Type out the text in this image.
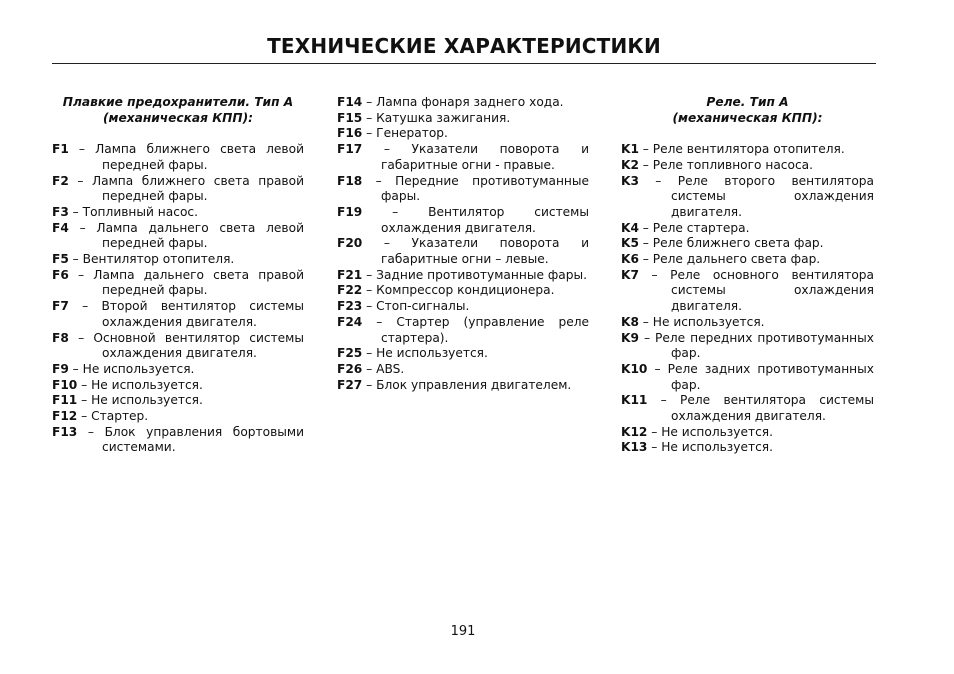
ТЕХНИЧЕСКИЕ ХАРАКТЕРИСТИКИ
Плавкие предохранители. Тип А
(механическая КПП):

F1 – Лампа ближнего света левой передней фары.

F2 – Лампа ближнего света правой передней фары.

F3 – Топливный насос.

F4 – Лампа дальнего света левой передней фары.

F5 – Вентилятор отопителя.

F6 – Лампа дальнего света правой передней фары.

F7 – Второй вентилятор системы охлаждения двигателя.

F8 – Основной вентилятор системы охлаждения двигателя.

F9 – Не используется.

F10 – Не используется.

F11 – Не используется.

F12 – Стартер.

F13 – Блок управления бортовыми системами.

F14 – Лампа фонаря заднего хода.

F15 – Катушка зажигания.

F16 – Генератор.

F17 – Указатели поворота и габаритные огни - правые.

F18 – Передние противотуманные фары.

F19 – Вентилятор системы охлаждения двигателя.

F20 – Указатели поворота и габаритные огни – левые.

F21 – Задние противотуманные фары.

F22 – Компрессор кондиционера.

F23 – Стоп-сигналы.

F24 – Стартер (управление реле стартера).

F25 – Не используется.

F26 – ABS.

F27 – Блок управления двигателем.

Реле. Тип А
(механическая КПП):

K1 – Реле вентилятора отопителя.

K2 – Реле топливного насоса.

K3 – Реле второго вентилятора системы охлаждения двигателя.

K4 – Реле стартера.

K5 – Реле ближнего света фар.

K6 – Реле дальнего света фар.

K7 – Реле основного вентилятора системы охлаждения двигателя.

K8 – Не используется.

K9 – Реле передних противотуманных фар.

K10 – Реле задних противотуманных фар.

K11 – Реле вентилятора системы охлаждения двигателя.

K12 – Не используется.

K13 – Не используется.

191
